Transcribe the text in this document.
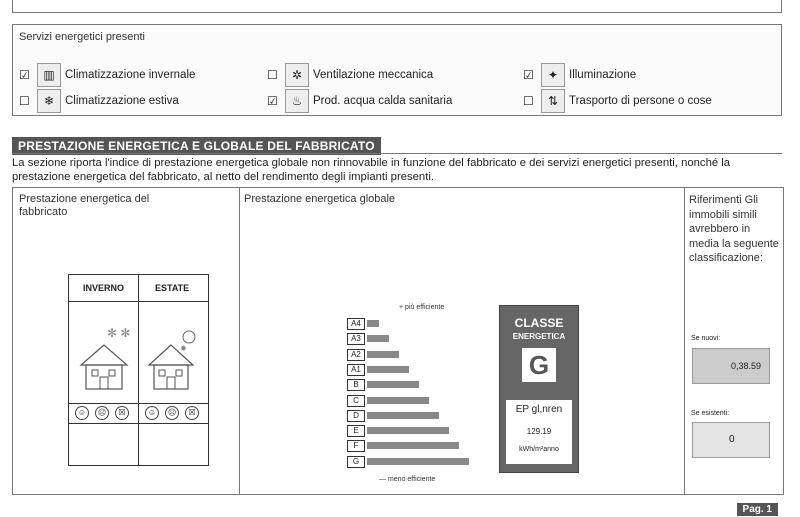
Servizi energetici presenti
☑	▥ Climatizzazione invernale	☐	✲ Ventilazione meccanica	☑	✦ Illuminazione
☐	❄ Climatizzazione estiva	☑	♨ Prod. acqua calda sanitaria	☐	⇅ Trasporto di persone o cose
PRESTAZIONE ENERGETICA E GLOBALE DEL FABBRICATO
La sezione riporta l'indice di prestazione energetica globale non rinnovabile in funzione del fabbricato e dei servizi energetici presenti, nonché la prestazione energetica del fabbricato, al netto del rendimento degli impianti presenti.
Prestazione energetica del fabbricato
INVERNO	ESTATE
✻ ✻
✹
☺	☹	☒	☺	☹	☒
Prestazione energetica globale
+ più efficiente
A4
A3
A2
A1
B
C
D
E
F
G
— meno efficiente
CLASSE
ENERGETICA
G
EP gl,nren
129.19
kWh/m²anno
Riferimenti Gli immobili simili avrebbero in media la seguente classificazione:
Se nuovi:
0,38.59
Se esistenti:
0
Pag. 1
